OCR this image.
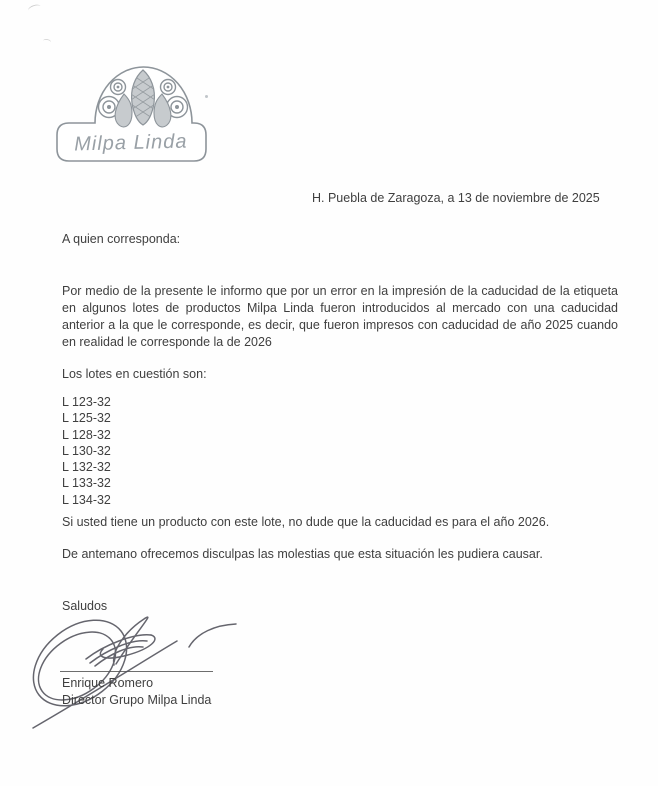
Milpa Linda
H. Puebla de Zaragoza, a 13 de noviembre de 2025
A quien corresponda:
Por medio de la presente le informo que por un error en la impresión de la caducidad de la etiqueta en algunos lotes de productos Milpa Linda fueron introducidos al mercado con una caducidad anterior a la que le corresponde, es decir, que fueron impresos con caducidad de año 2025 cuando en realidad le corresponde la de 2026
Los lotes en cuestión son:
L 123-32
L 125-32
L 128-32
L 130-32
L 132-32
L 133-32
L 134-32
Si usted tiene un producto con este lote, no dude que la caducidad es para el año 2026.
De antemano ofrecemos disculpas las molestias que esta situación les pudiera causar.
Saludos
Enrique Romero
Director Grupo Milpa Linda
